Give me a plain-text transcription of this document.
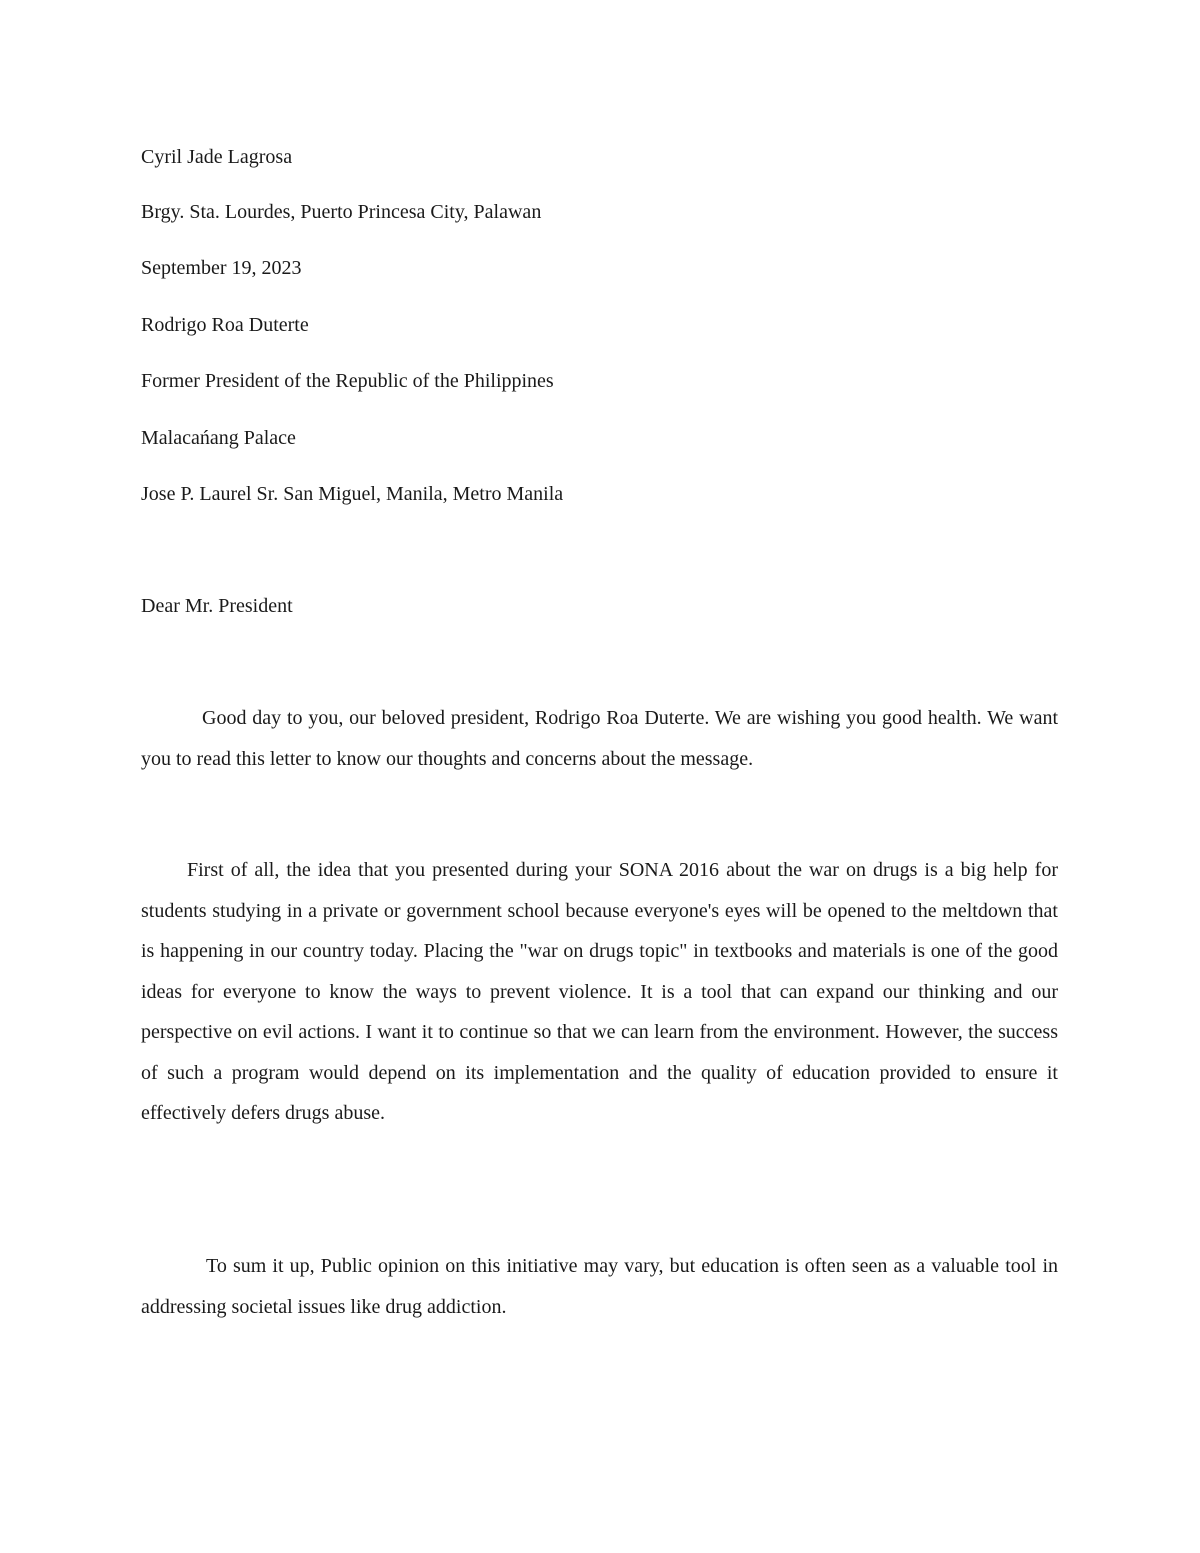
Cyril Jade Lagrosa
Brgy. Sta. Lourdes, Puerto Princesa City, Palawan
September 19, 2023
Rodrigo Roa Duterte
Former President of the Republic of the Philippines
Malacańang Palace
Jose P. Laurel Sr. San Miguel, Manila, Metro Manila
Dear Mr. President
Good day to you, our beloved president, Rodrigo Roa Duterte. We are wishing you good health. We want you to read this letter to know our thoughts and concerns about the message.
First of all, the idea that you presented during your SONA 2016 about the war on drugs is a big help for students studying in a private or government school because everyone's eyes will be opened to the meltdown that is happening in our country today. Placing the "war on drugs topic" in textbooks and materials is one of the good ideas for everyone to know the ways to prevent violence. It is a tool that can expand our thinking and our perspective on evil actions. I want it to continue so that we can learn from the environment. However, the success of such a program would depend on its implementation and the quality of education provided to ensure it effectively defers drugs abuse.
To sum it up, Public opinion on this initiative may vary, but education is often seen as a valuable tool in addressing societal issues like drug addiction.
